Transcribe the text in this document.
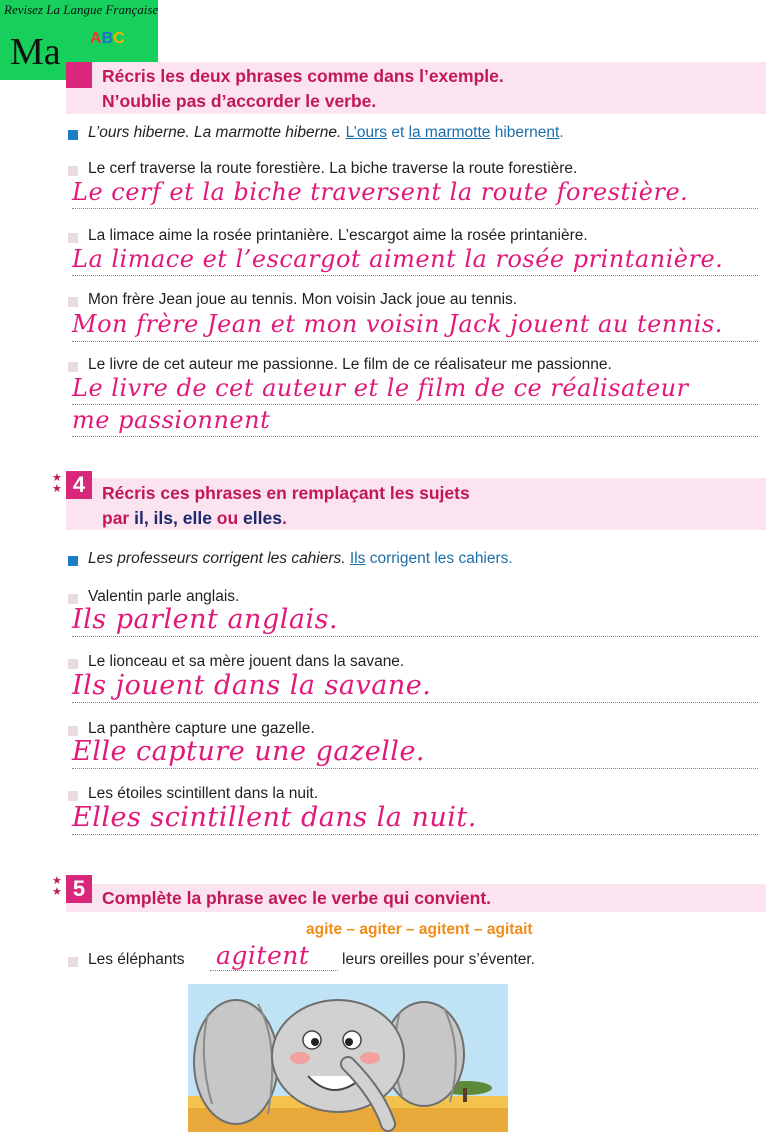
Revisez La Langue Française
Ma ABC
Récris les deux phrases comme dans l’exemple.
N’oublie pas d’accorder le verbe.
L’ours hiberne. La marmotte hiberne. L’ours et la marmotte hibernent.
Le cerf traverse la route forestière. La biche traverse la route forestière.
Le cerf et la biche traversent la route forestière.
La limace aime la rosée printanière. L’escargot aime la rosée printanière.
La limace et l’escargot aiment la rosée printanière.
Mon frère Jean joue au tennis. Mon voisin Jack joue au tennis.
Mon frère Jean et mon voisin Jack jouent au tennis.
Le livre de cet auteur me passionne. Le film de ce réalisateur me passionne.
Le livre de cet auteur et le film de ce réalisateur
me passionnent
★
★ 4 Récris ces phrases en remplaçant les sujets
par il, ils, elle ou elles.
Les professeurs corrigent les cahiers. Ils corrigent les cahiers.
Valentin parle anglais.
Ils parlent anglais.
Le lionceau et sa mère jouent dans la savane.
Ils jouent dans la savane.
La panthère capture une gazelle.
Elle capture une gazelle.
Les étoiles scintillent dans la nuit.
Elles scintillent dans la nuit.
★
★ 5 Complète la phrase avec le verbe qui convient.
agite – agiter – agitent – agitait
Les éléphants agitent leurs oreilles pour s’éventer.
